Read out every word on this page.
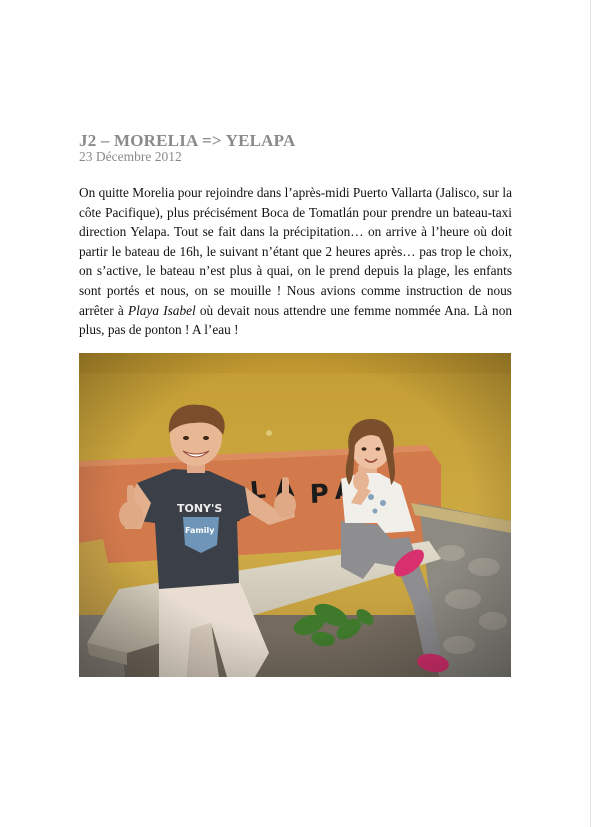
J2 – MORELIA => YELAPA
23 Décembre 2012

On quitte Morelia pour rejoindre dans l’après-midi Puerto Vallarta (Jalisco, sur la côte Pacifique), plus précisément Boca de Tomatlán pour prendre un bateau-taxi direction Yelapa. Tout se fait dans la précipitation… on arrive à l’heure où doit partir le bateau de 16h, le suivant n’étant que 2 heures après… pas trop le choix, on s’active, le bateau n’est plus à quai, on le prend depuis la plage, les enfants sont portés et nous, on se mouille ! Nous avions comme instruction de nous arrêter à Playa Isabel où devait nous attendre une femme nommée Ana. Là non plus, pas de ponton ! A l’eau !
